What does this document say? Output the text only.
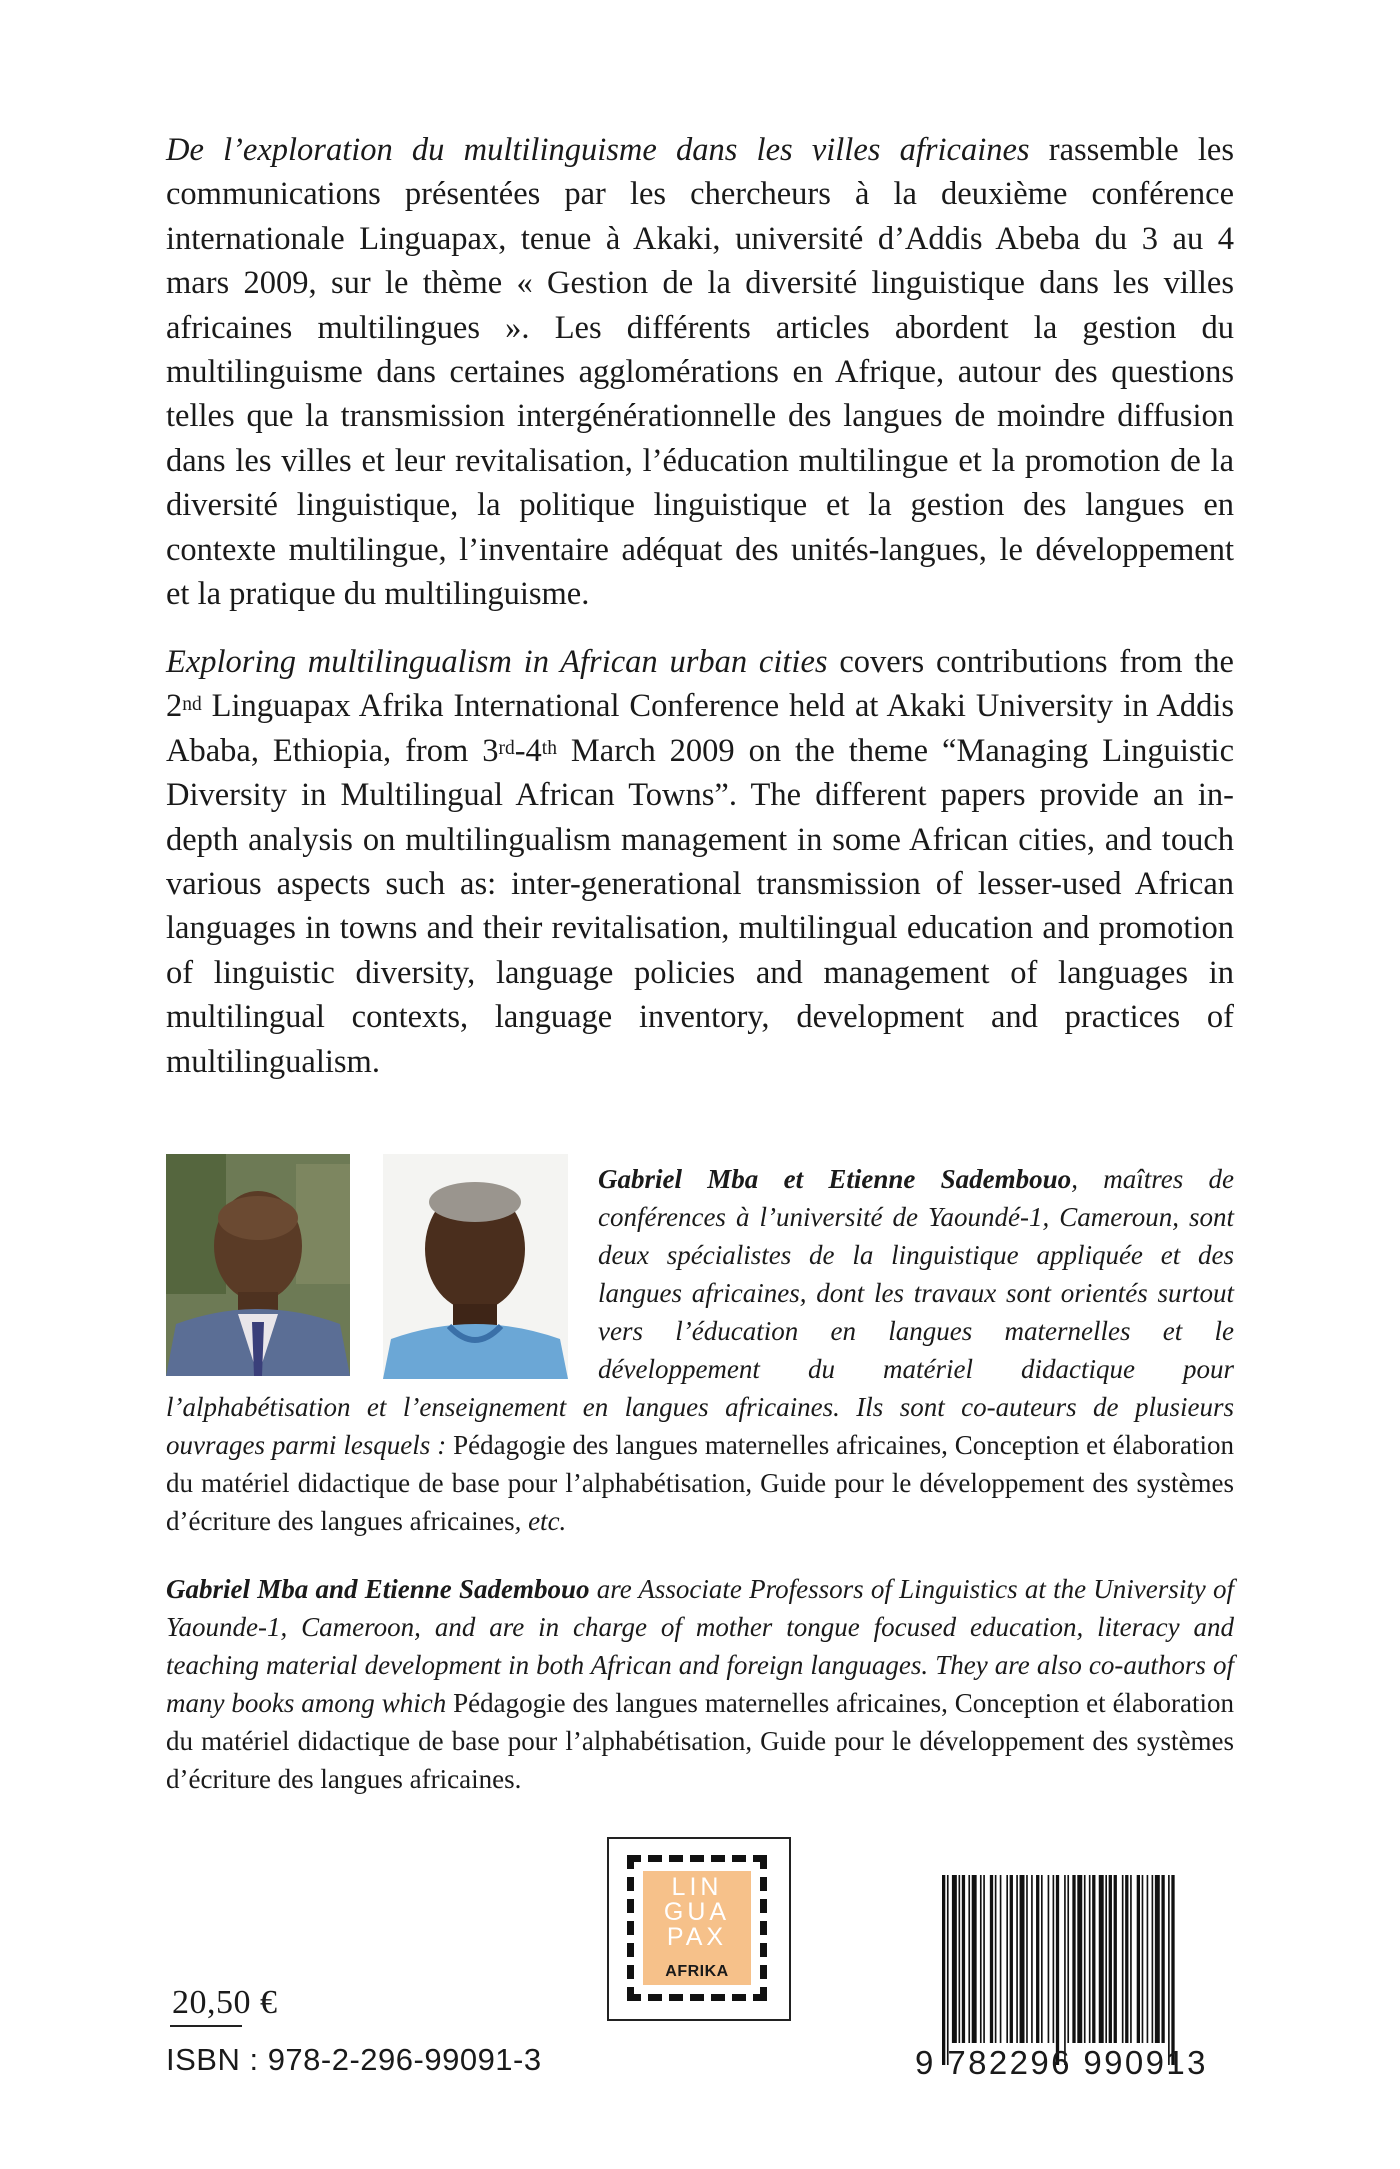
De l’exploration du multilinguisme dans les villes africaines rassemble les communications présentées par les chercheurs à la deuxième conférence internationale Linguapax, tenue à Akaki, université d’Addis Abeba du 3 au 4 mars 2009, sur le thème « Gestion de la diversité linguistique dans les villes africaines multilingues ». Les différents articles abordent la gestion du multilinguisme dans certaines agglomérations en Afrique, autour des questions telles que la transmission intergénérationnelle des langues de moindre diffusion dans les villes et leur revitalisation, l’éducation multilingue et la promotion de la diversité linguistique, la politique linguistique et la gestion des langues en contexte multilingue, l’inventaire adéquat des unités-langues, le développement et la pratique du multilinguisme.

Exploring multilingualism in African urban cities covers contributions from the 2nd Linguapax Afrika International Conference held at Akaki University in Addis Ababa, Ethiopia, from 3rd-4th March 2009 on the theme “Managing Linguistic Diversity in Multilingual African Towns”. The different papers provide an in-depth analysis on multilingualism management in some African cities, and touch various aspects such as: inter-generational transmission of lesser-used African languages in towns and their revitalisation, multilingual education and promotion of linguistic diversity, language policies and management of languages in multilingual contexts, language inventory, development and practices of multilingualism.

Gabriel Mba et Etienne Sadembouo, maîtres de conférences à l’université de Yaoundé-1, Cameroun, sont deux spécialistes de la linguistique appliquée et des langues africaines, dont les travaux sont orientés surtout vers l’éducation en langues maternelles et le développement du matériel didactique pour l’alphabétisation et l’enseignement en langues africaines. Ils sont co-auteurs de plusieurs ouvrages parmi lesquels : Pédagogie des langues maternelles africaines, Conception et élaboration du matériel didactique de base pour l’alphabétisation, Guide pour le développement des systèmes d’écriture des langues africaines, etc.

Gabriel Mba and Etienne Sadembouo are Associate Professors of Linguistics at the University of Yaounde-1, Cameroon, and are in charge of mother tongue focused education, literacy and teaching material development in both African and foreign languages. They are also co-authors of many books among which Pédagogie des langues maternelles africaines, Conception et élaboration du matériel didactique de base pour l’alphabétisation, Guide pour le développement des systèmes d’écriture des langues africaines.

LIN
GUA
PAX
AFRIKA
20,50 €
ISBN : 978-2-296-99091-3	9 782296 990913
